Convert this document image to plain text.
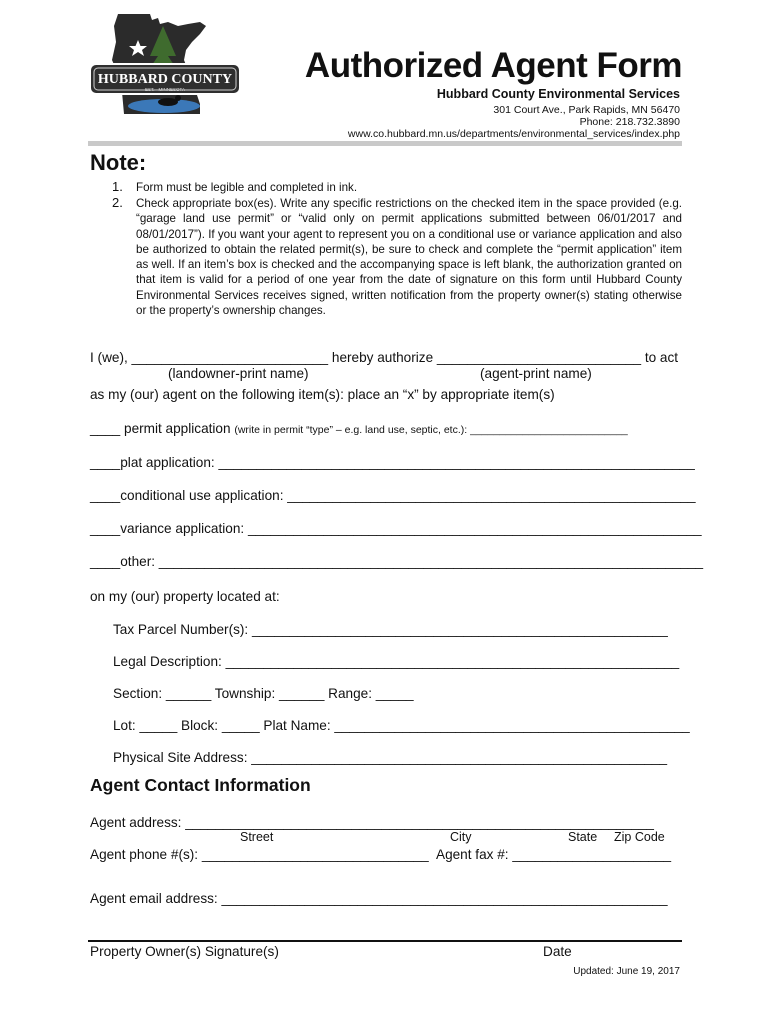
HUBBARD COUNTY
EST. · MINNESOTA
Authorized Agent Form
Hubbard County Environmental Services
301 Court Ave., Park Rapids, MN 56470
Phone: 218.732.3890
www.co.hubbard.mn.us/departments/environmental_services/index.php
Note:
1. Form must be legible and completed in ink.
2. Check appropriate box(es). Write any specific restrictions on the checked item in the space provided (e.g. “garage land use permit” or “valid only on permit applications submitted between 06/01/2017 and 08/01/2017”). If you want your agent to represent you on a conditional use or variance application and also be authorized to obtain the related permit(s), be sure to check and complete the “permit application” item as well. If an item’s box is checked and the accompanying space is left blank, the authorization granted on that item is valid for a period of one year from the date of signature on this form until Hubbard County Environmental Services receives signed, written notification from the property owner(s) stating otherwise or the property’s ownership changes.
I (we), __________________________ hereby authorize ___________________________ to act
(landowner-print name)	(agent-print name)
as my (our) agent on the following item(s): place an “x” by appropriate item(s)
____ permit application (write in permit “type” – e.g. land use, septic, etc.): ___________________________
____plat application: _______________________________________________________________
____conditional use application: ______________________________________________________
____variance application: ____________________________________________________________
____other: ________________________________________________________________________
on my (our) property located at:
Tax Parcel Number(s): _______________________________________________________
Legal Description: ____________________________________________________________
Section: ______ Township: ______ Range: _____
Lot: _____ Block: _____ Plat Name: _______________________________________________
Physical Site Address: _______________________________________________________
Agent Contact Information
Agent address: ______________________________________________________________
Street	City	State Zip Code
Agent phone #(s): ______________________________ Agent fax #: _____________________
Agent email address: ___________________________________________________________
Property Owner(s) Signature(s)	Date
Updated: June 19, 2017
